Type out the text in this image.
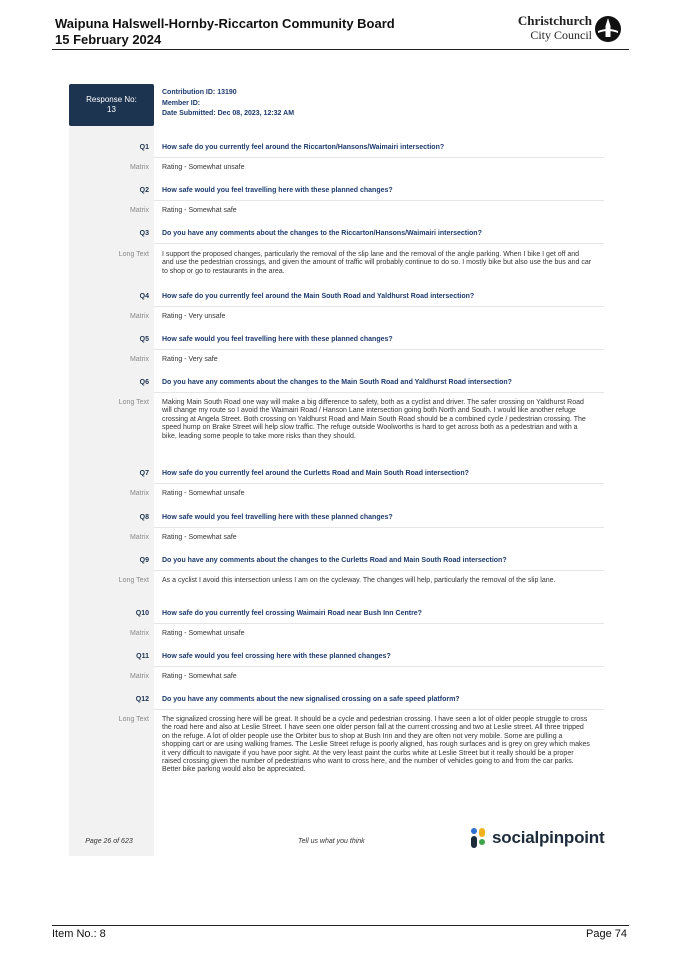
Waipuna Halswell-Hornby-Riccarton Community Board
15 February 2024
Christchurch
City Council
Response No:
13
Contribution ID: 13190
Member ID:
Date Submitted: Dec 08, 2023, 12:32 AM
Q1 How safe do you currently feel around the Riccarton/Hansons/Waimairi intersection?
Matrix Rating - Somewhat unsafe
Q2 How safe would you feel travelling here with these planned changes?
Matrix Rating - Somewhat safe
Q3 Do you have any comments about the changes to the Riccarton/Hansons/Waimairi intersection?
Long Text I support the proposed changes, particularly the removal of the slip lane and the removal of the angle parking. When I bike I get off and and use the pedestrian crossings, and given the amount of traffic will probably continue to do so. I mostly bike but also use the bus and car to shop or go to restaurants in the area.
Q4 How safe do you currently feel around the Main South Road and Yaldhurst Road intersection?
Matrix Rating - Very unsafe
Q5 How safe would you feel travelling here with these planned changes?
Matrix Rating - Very safe
Q6 Do you have any comments about the changes to the Main South Road and Yaldhurst Road intersection?
Long Text Making Main South Road one way will make a big difference to safety, both as a cyclist and driver. The safer crossing on Yaldhurst Road will change my route so I avoid the Waimairi Road / Hanson Lane intersection going both North and South. I would like another refuge crossing at Angela Street. Both crossing on Yaldhurst Road and Main South Road should be a combined cycle / pedestrian crossing. The speed hump on Brake Street will help slow traffic. The refuge outside Woolworths is hard to get across both as a pedestrian and with a bike, leading some people to take more risks than they should.
Q7 How safe do you currently feel around the Curletts Road and Main South Road intersection?
Matrix Rating - Somewhat unsafe
Q8 How safe would you feel travelling here with these planned changes?
Matrix Rating - Somewhat safe
Q9 Do you have any comments about the changes to the Curletts Road and Main South Road intersection?
Long Text As a cyclist I avoid this intersection unless I am on the cycleway. The changes will help, particularly the removal of the slip lane.
Q10 How safe do you currently feel crossing Waimairi Road near Bush Inn Centre?
Matrix Rating - Somewhat unsafe
Q11 How safe would you feel crossing here with these planned changes?
Matrix Rating - Somewhat safe
Q12 Do you have any comments about the new signalised crossing on a safe speed platform?
Long Text The signalized crossing here will be great. It should be a cycle and pedestrian crossing. I have seen a lot of older people struggle to cross the road here and also at Leslie Street. I have seen one older person fall at the current crossing and two at Leslie street. All three tripped on the refuge. A lot of older people use the Orbiter bus to shop at Bush Inn and they are often not very mobile. Some are pulling a shopping cart or are using walking frames. The Leslie Street refuge is poorly aligned, has rough surfaces and is grey on grey which makes it very difficult to navigate if you have poor sight. At the very least paint the curbs white at Leslie Street but it really should be a proper raised crossing given the number of pedestrians who want to cross here, and the number of vehicles going to and from the car parks. Better bike parking would also be appreciated.
Page 26 of 623	Tell us what you think	socialpinpoint
Item No.: 8	Page 74
